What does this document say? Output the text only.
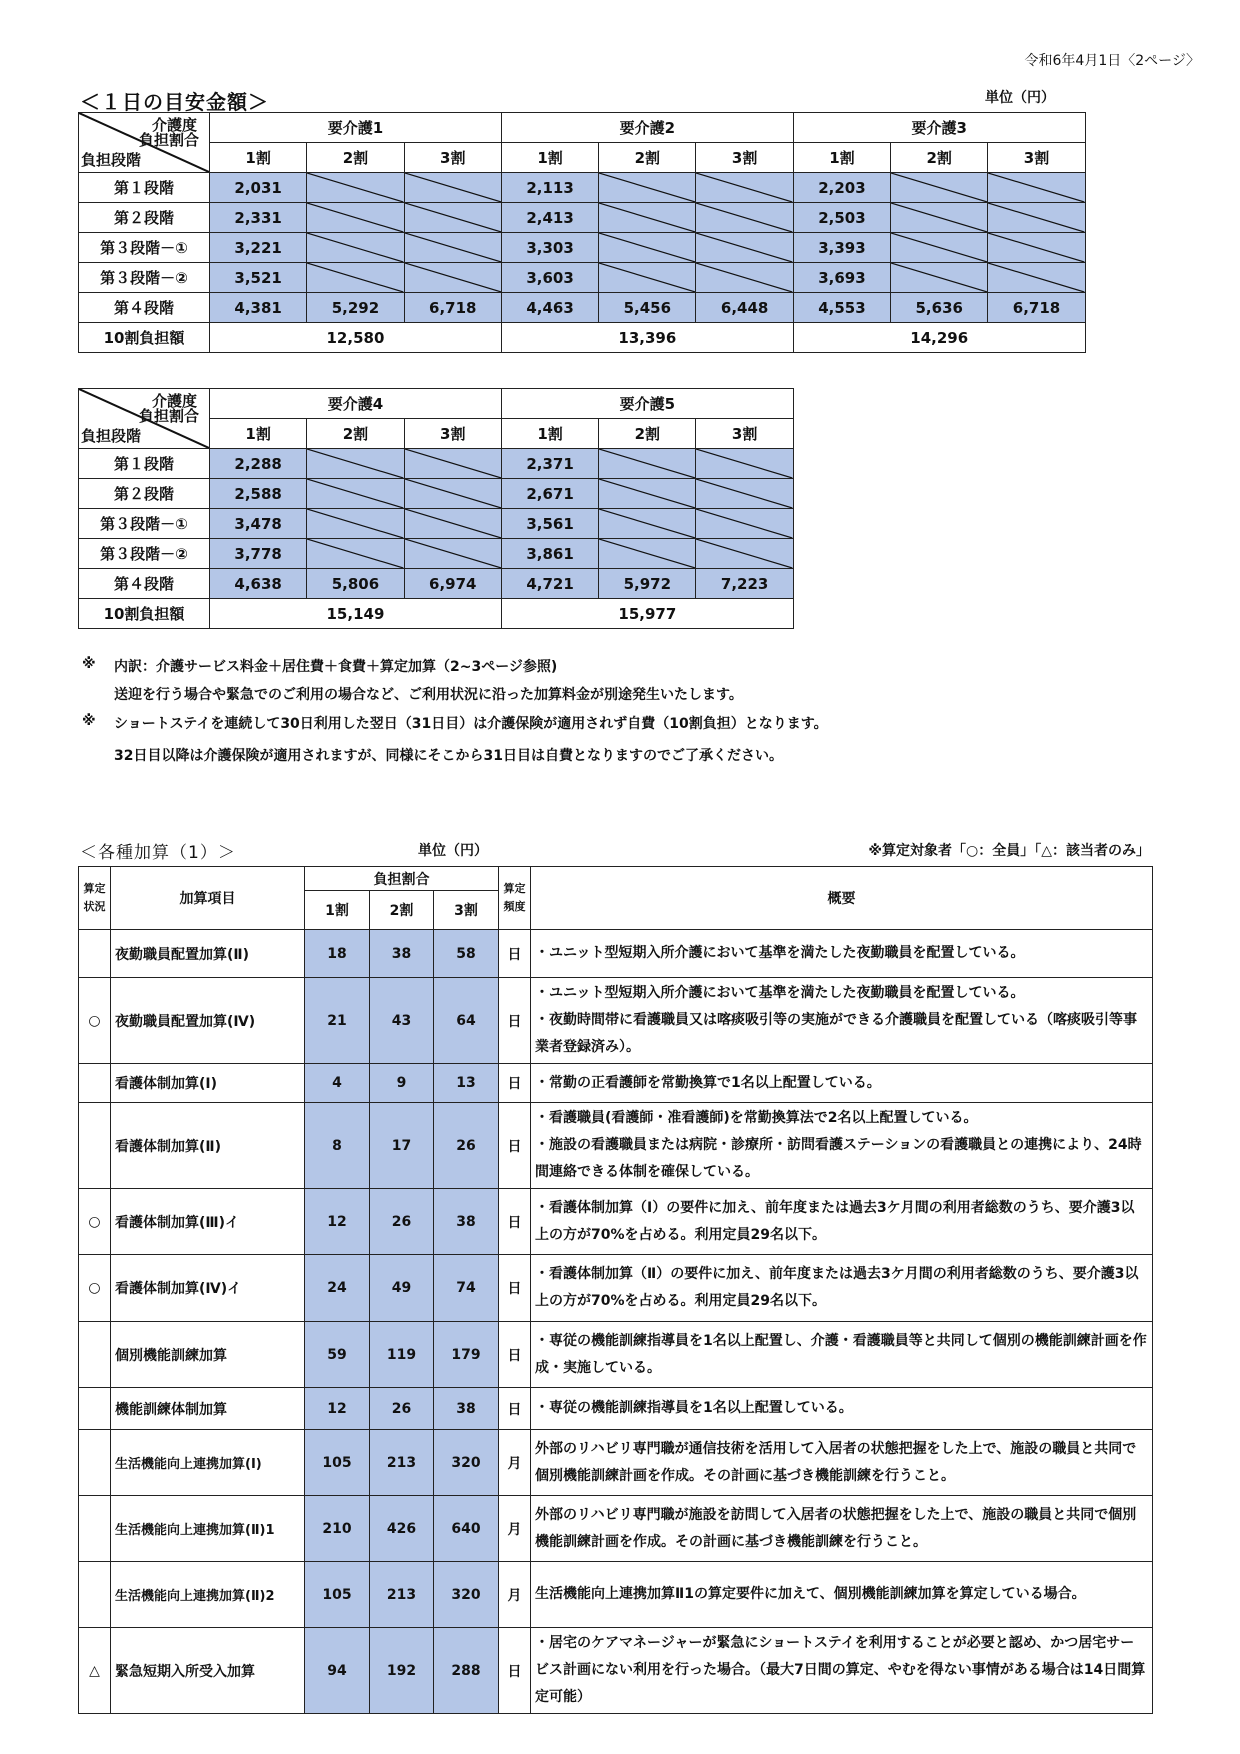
令和6年4月1日〈2ページ〉
＜１日の目安金額＞	単位（円）
介護度
負担割合
負担段階	要介護1			要介護2			要介護3		
	1割	2割	3割	1割	2割	3割	1割	2割	3割
第１段階	2,031			2,113			2,203	

第２段階	2,331			2,413			2,503	

第３段階－①	3,221			3,303			3,393	

第３段階－②	3,521			3,603			3,693	

第４段階	4,381	5,292	6,718	4,463	5,456	6,448	4,553	5,636	6,718
10割負担額	12,580			13,396			14,296		
介護度
負担割合
負担段階	要介護4			要介護5		
	1割	2割	3割	1割	2割	3割
第１段階	2,288			2,371	

第２段階	2,588			2,671	

第３段階－①	3,478			3,561	

第３段階－②	3,778			3,861	

第４段階	4,638	5,806	6,974	4,721	5,972	7,223
10割負担額	15,149			15,977		
※ 内訳：介護サービス料金＋居住費＋食費＋算定加算（2~3ページ参照)
送迎を行う場合や緊急でのご利用の場合など、ご利用状況に沿った加算料金が別途発生いたします。
※ ショートステイを連続して30日利用した翌日（31日目）は介護保険が適用されず自費（10割負担）となります。
32日目以降は介護保険が適用されますが、同様にそこから31日目は自費となりますのでご了承ください。
＜各種加算（1）＞	単位（円）	※算定対象者「○：全員」「△：該当者のみ」
算定状況	加算項目	負担割合			算定頻度	概要
		1割	2割	3割		
	夜勤職員配置加算(Ⅱ)	18	38	58	日	・ユニット型短期入所介護において基準を満たした夜勤職員を配置している。

○	夜勤職員配置加算(Ⅳ)	21	43	64	日	・ユニット型短期入所介護において基準を満たした夜勤職員を配置している。
・夜勤時間帯に看護職員又は喀痰吸引等の実施ができる介護職員を配置している（喀痰吸引等事業者登録済み）。

	看護体制加算(Ⅰ)	4	9	13	日	・常勤の正看護師を常勤換算で1名以上配置している。

	看護体制加算(Ⅱ)	8	17	26	日	・看護職員(看護師・准看護師)を常勤換算法で2名以上配置している。
・施設の看護職員または病院・診療所・訪問看護ステーションの看護職員との連携により、24時間連絡できる体制を確保している。

○	看護体制加算(Ⅲ)イ	12	26	38	日	・看護体制加算（Ⅰ）の要件に加え、前年度または過去3ケ月間の利用者総数のうち、要介護3以上の方が70%を占める。利用定員29名以下。

○	看護体制加算(Ⅳ)イ	24	49	74	日	・看護体制加算（Ⅱ）の要件に加え、前年度または過去3ケ月間の利用者総数のうち、要介護3以上の方が70%を占める。利用定員29名以下。

	個別機能訓練加算	59	119	179	日	・専従の機能訓練指導員を1名以上配置し、介護・看護職員等と共同して個別の機能訓練計画を作成・実施している。

	機能訓練体制加算	12	26	38	日	・専従の機能訓練指導員を1名以上配置している。

	生活機能向上連携加算(Ⅰ)	105	213	320	月	外部のリハビリ専門職が通信技術を活用して入居者の状態把握をした上で、施設の職員と共同で個別機能訓練計画を作成。その計画に基づき機能訓練を行うこと。

	生活機能向上連携加算(Ⅱ)1	210	426	640	月	外部のリハビリ専門職が施設を訪問して入居者の状態把握をした上で、施設の職員と共同で個別機能訓練計画を作成。その計画に基づき機能訓練を行うこと。

	生活機能向上連携加算(Ⅱ)2	105	213	320	月	生活機能向上連携加算Ⅱ1の算定要件に加えて、個別機能訓練加算を算定している場合。

△	緊急短期入所受入加算	94	192	288	日	・居宅のケアマネージャーが緊急にショートステイを利用することが必要と認め、かつ居宅サービス計画にない利用を行った場合。（最大7日間の算定、やむを得ない事情がある場合は14日間算定可能）
